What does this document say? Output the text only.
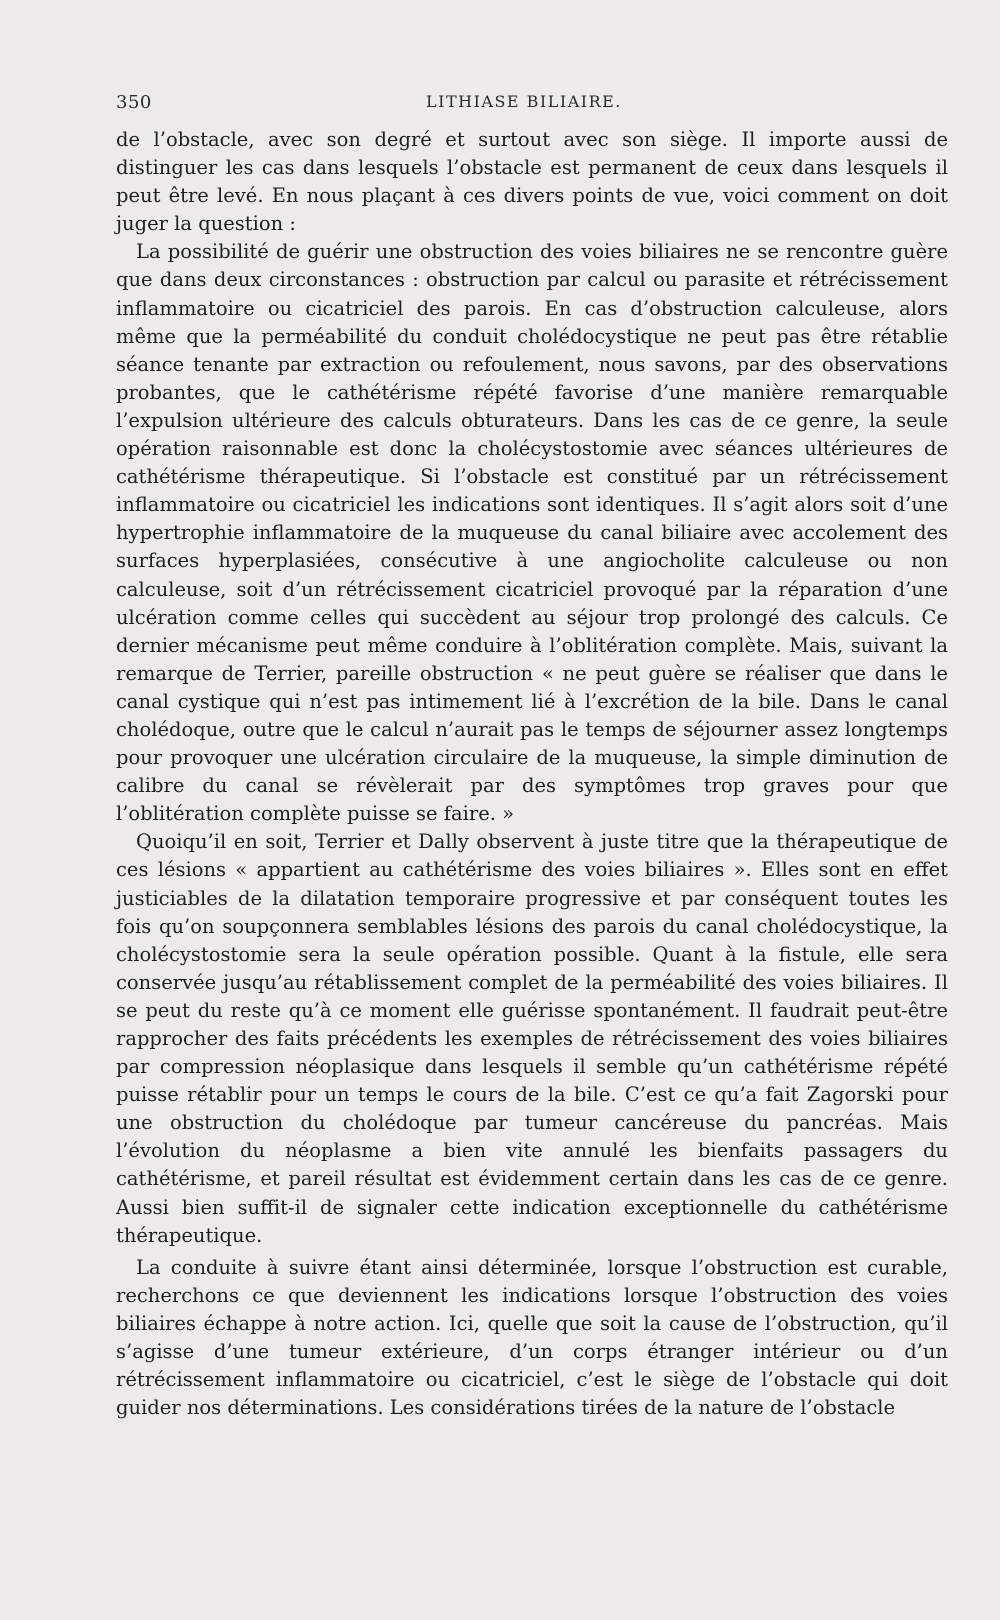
350	LITHIASE BILIAIRE.

de l’obstacle, avec son degré et surtout avec son siège. Il importe aussi de distinguer les cas dans lesquels l’obstacle est permanent de ceux dans lesquels il peut être levé. En nous plaçant à ces divers points de vue, voici comment on doit juger la question :

La possibilité de guérir une obstruction des voies biliaires ne se rencontre guère que dans deux circonstances : obstruction par calcul ou parasite et rétrécissement inflammatoire ou cicatriciel des parois. En cas d’obstruction calculeuse, alors même que la perméabilité du conduit cholédocystique ne peut pas être rétablie séance tenante par extraction ou refoulement, nous savons, par des observations probantes, que le cathétérisme répété favorise d’une manière remarquable l’expulsion ultérieure des calculs obturateurs. Dans les cas de ce genre, la seule opération raisonnable est donc la cholécystostomie avec séances ultérieures de cathétérisme thérapeutique. Si l’obstacle est constitué par un rétrécissement inflammatoire ou cicatriciel les indications sont identiques. Il s’agit alors soit d’une hypertrophie inflammatoire de la muqueuse du canal biliaire avec accolement des surfaces hyperplasiées, consécutive à une angiocholite calculeuse ou non calculeuse, soit d’un rétrécissement cicatriciel provoqué par la réparation d’une ulcération comme celles qui succèdent au séjour trop prolongé des calculs. Ce dernier mécanisme peut même conduire à l’oblitération complète. Mais, suivant la remarque de Terrier, pareille obstruction « ne peut guère se réaliser que dans le canal cystique qui n’est pas intimement lié à l’excrétion de la bile. Dans le canal cholédoque, outre que le calcul n’aurait pas le temps de séjourner assez longtemps pour provoquer une ulcération circulaire de la muqueuse, la simple diminution de calibre du canal se révèlerait par des symptômes trop graves pour que l’oblitération complète puisse se faire. »

Quoiqu’il en soit, Terrier et Dally observent à juste titre que la thérapeutique de ces lésions « appartient au cathétérisme des voies biliaires ». Elles sont en effet justiciables de la dilatation temporaire progressive et par conséquent toutes les fois qu’on soupçonnera semblables lésions des parois du canal cholédocystique, la cholécystostomie sera la seule opération possible. Quant à la fistule, elle sera conservée jusqu’au rétablissement complet de la perméabilité des voies biliaires. Il se peut du reste qu’à ce moment elle guérisse spontanément. Il faudrait peut-être rapprocher des faits précédents les exemples de rétrécissement des voies biliaires par compression néoplasique dans lesquels il semble qu’un cathétérisme répété puisse rétablir pour un temps le cours de la bile. C’est ce qu’a fait Zagorski pour une obstruction du cholédoque par tumeur cancéreuse du pancréas. Mais l’évolution du néoplasme a bien vite annulé les bienfaits passagers du cathétérisme, et pareil résultat est évidemment certain dans les cas de ce genre. Aussi bien suffit-il de signaler cette indication exceptionnelle du cathétérisme thérapeutique.

La conduite à suivre étant ainsi déterminée, lorsque l’obstruction est curable, recherchons ce que deviennent les indications lorsque l’obstruction des voies biliaires échappe à notre action. Ici, quelle que soit la cause de l’obstruction, qu’il s’agisse d’une tumeur extérieure, d’un corps étranger intérieur ou d’un rétrécissement inflammatoire ou cicatriciel, c’est le siège de l’obstacle qui doit guider nos déterminations. Les considérations tirées de la nature de l’obstacle
